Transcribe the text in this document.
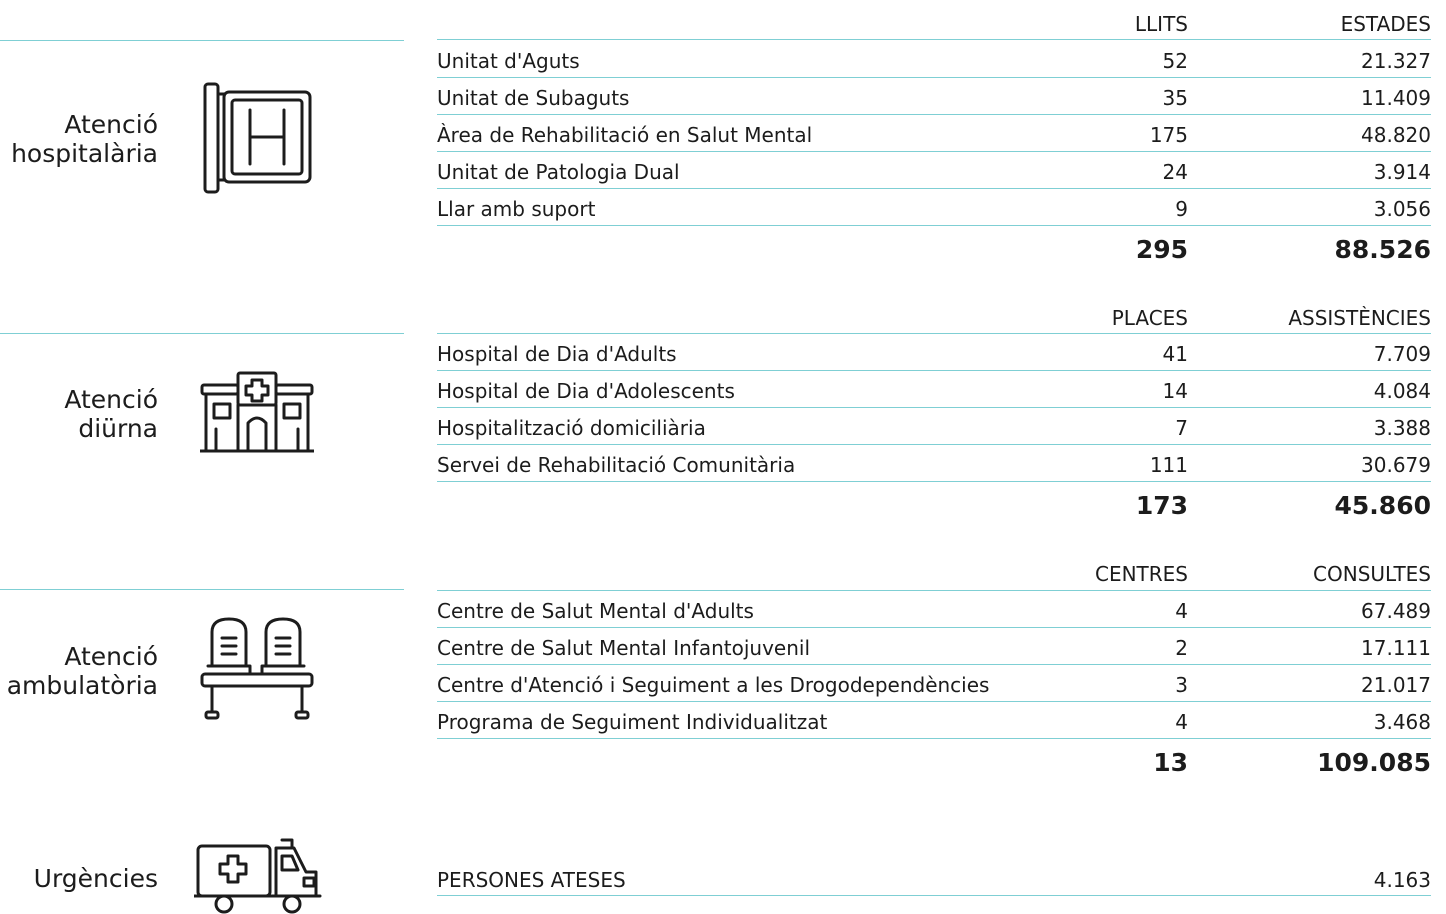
Atenció
hospitalària
LLITS	ESTADES
Unitat d'Aguts	52	21.327
Unitat de Subaguts	35	11.409
Àrea de Rehabilitació en Salut Mental	175	48.820
Unitat de Patologia Dual	24	3.914
Llar amb suport	9	3.056
295	88.526
Atenció
diürna
PLACES	ASSISTÈNCIES
Hospital de Dia d'Adults	41	7.709
Hospital de Dia d'Adolescents	14	4.084
Hospitalització domiciliària	7	3.388
Servei de Rehabilitació Comunitària	111	30.679
173	45.860
Atenció
ambulatòria
CENTRES	CONSULTES
Centre de Salut Mental d'Adults	4	67.489
Centre de Salut Mental Infantojuvenil	2	17.111
Centre d'Atenció i Seguiment a les Drogodependències	3	21.017
Programa de Seguiment Individualitzat	4	3.468
13	109.085
Urgències	PERSONES ATESES	4.163
